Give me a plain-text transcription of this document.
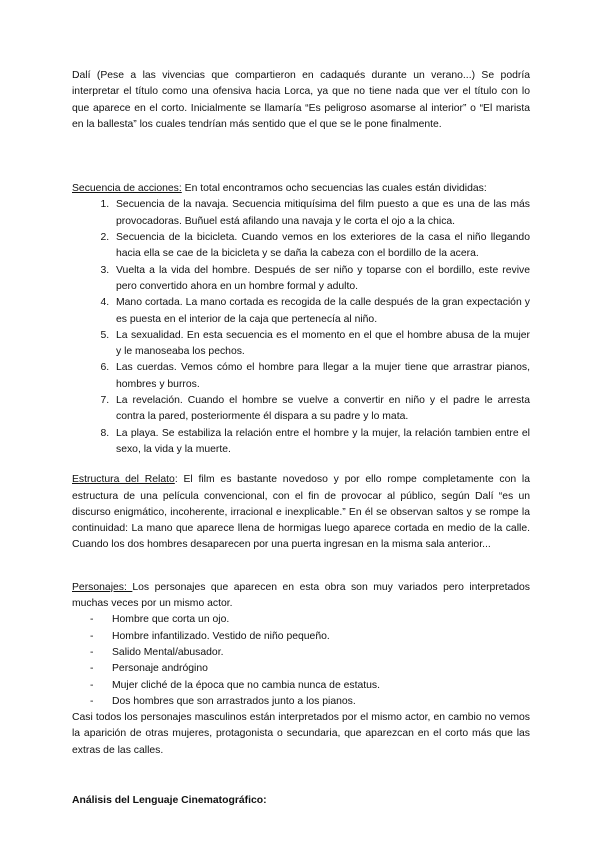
Dalí (Pese a las vivencias que compartieron en cadaqués durante un verano...) Se podría interpretar el título como una ofensiva hacia Lorca, ya que no tiene nada que ver el título con lo que aparece en el corto. Inicialmente se llamaría “Es peligroso asomarse al interior” o “El marista en la ballesta” los cuales tendrían más sentido que el que se le pone finalmente.

Secuencia de acciones: En total encontramos ocho secuencias las cuales están divididas:

1. Secuencia de la navaja. Secuencia mitiquísima del film puesto a que es una de las más provocadoras. Buñuel está afilando una navaja y le corta el ojo a la chica.
2. Secuencia de la bicicleta. Cuando vemos en los exteriores de la casa el niño llegando hacia ella se cae de la bicicleta y se daña la cabeza con el bordillo de la acera.
3. Vuelta a la vida del hombre. Después de ser niño y toparse con el bordillo, este revive pero convertido ahora en un hombre formal y adulto.
4. Mano cortada. La mano cortada es recogida de la calle después de la gran expectación y es puesta en el interior de la caja que pertenecía al niño.
5. La sexualidad. En esta secuencia es el momento en el que el hombre abusa de la mujer y le manoseaba los pechos.
6. Las cuerdas. Vemos cómo el hombre para llegar a la mujer tiene que arrastrar pianos, hombres y burros.
7. La revelación. Cuando el hombre se vuelve a convertir en niño y el padre le arresta contra la pared, posteriormente él dispara a su padre y lo mata.
8. La playa. Se estabiliza la relación entre el hombre y la mujer, la relación tambien entre el sexo, la vida y la muerte.

Estructura del Relato: El film es bastante novedoso y por ello rompe completamente con la estructura de una película convencional, con el fin de provocar al público, según Dalí “es un discurso enigmático, incoherente, irracional e inexplicable.” En él se observan saltos y se rompe la continuidad: La mano que aparece llena de hormigas luego aparece cortada en medio de la calle. Cuando los dos hombres desaparecen por una puerta ingresan en la misma sala anterior...

Personajes: Los personajes que aparecen en esta obra son muy variados pero interpretados muchas veces por un mismo actor.

- Hombre que corta un ojo.
- Hombre infantilizado. Vestido de niño pequeño.
- Salido Mental/abusador.
- Personaje andrógino
- Mujer cliché de la época que no cambia nunca de estatus.
- Dos hombres que son arrastrados junto a los pianos.

Casi todos los personajes masculinos están interpretados por el mismo actor, en cambio no vemos la aparición de otras mujeres, protagonista o secundaria, que aparezcan en el corto más que las extras de las calles.

Análisis del Lenguaje Cinematográfico:
